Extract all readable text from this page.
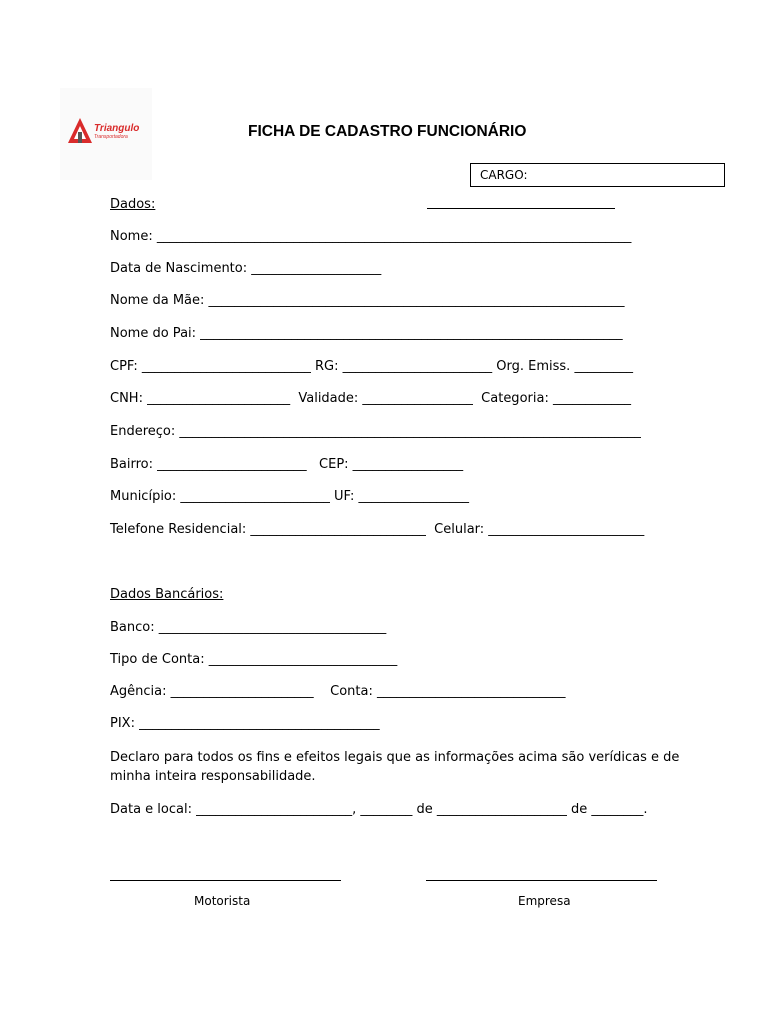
Triangulo
Transportadora	FICHA DE CADASTRO FUNCIONÁRIO
CARGO:
Dados:
Nome: _________________________________________________________________________
Data de Nascimento: ____________________
Nome da Mãe: ________________________________________________________________
Nome do Pai: _________________________________________________________________
CPF: __________________________ RG: _______________________ Org. Emiss. _________
CNH: ______________________  Validade: _________________  Categoria: ____________
Endereço: _______________________________________________________________________
Bairro: _______________________   CEP: _________________
Município: _______________________ UF: _________________
Telefone Residencial: ___________________________  Celular: ________________________
Dados Bancários:
Banco: ___________________________________
Tipo de Conta: _____________________________
Agência: ______________________    Conta: _____________________________
PIX: _____________________________________
Declaro para todos os fins e efeitos legais que as informações acima são verídicas e de
minha inteira responsabilidade.
Data e local: ________________________, ________ de ____________________ de ________.
Motorista	Empresa
